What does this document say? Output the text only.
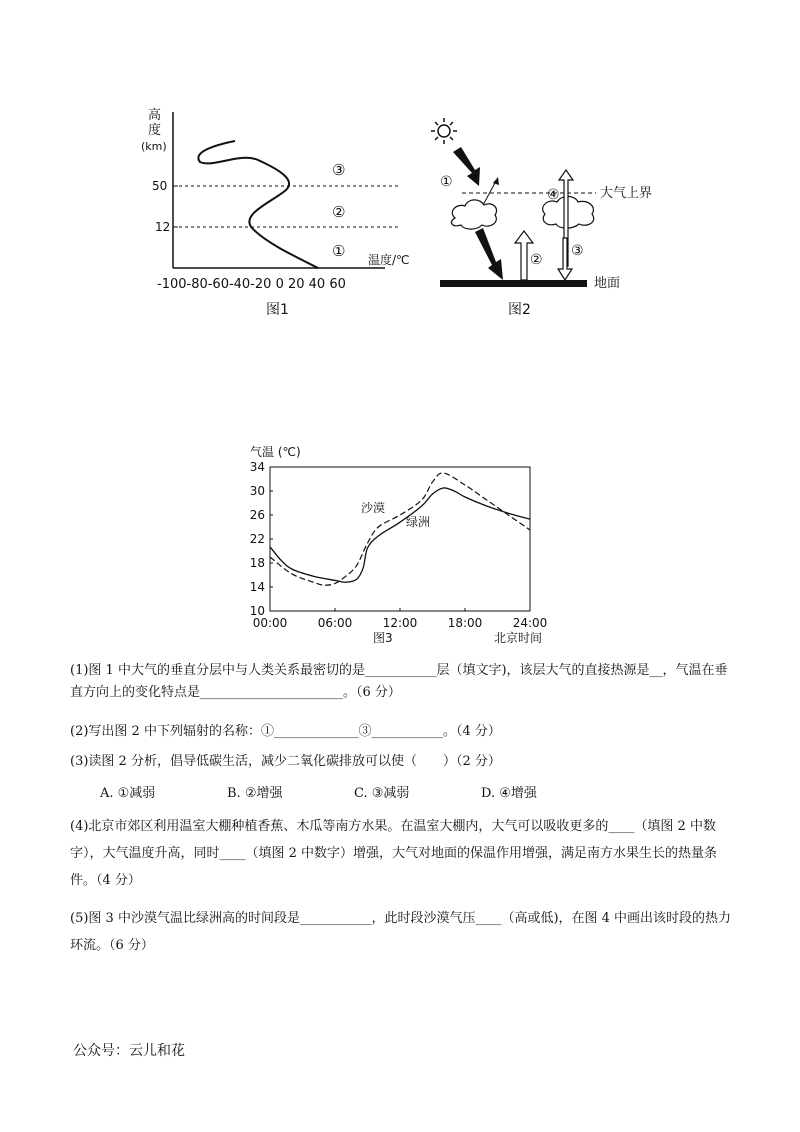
高
度
(km)
50
12
③
②
① 温度/℃
-100-80-60-40-20 0 20 40 60
图1
①
大气上界
④
②
③
地面
图2
气温 (℃)
10
14
18
22
26
30
34
00:00	06:00	12:00	18:00	24:00
沙漠
绿洲
图3	北京时间
(1)图 1 中大气的垂直分层中与人类关系最密切的是___________层（填文字)，该层大气的直接热源是__，气温在垂直方向上的变化特点是______________________。（6 分）
(2)写出图 2 中下列辐射的名称：①_____________③___________。（4 分）
(3)读图 2 分析，倡导低碳生活，减少二氧化碳排放可以使（　　）（2 分）
A. ①减弱	B. ②增强	C. ③减弱	D. ④增强
(4)北京市郊区利用温室大棚种植香蕉、木瓜等南方水果。在温室大棚内，大气可以吸收更多的____（填图 2 中数字），大气温度升高，同时____（填图 2 中数字）增强，大气对地面的保温作用增强，满足南方水果生长的热量条件。（4 分）
(5)图 3 中沙漠气温比绿洲高的时间段是___________，此时段沙漠气压____（高或低)，在图 4 中画出该时段的热力环流。（6 分）
公众号：云儿和花
